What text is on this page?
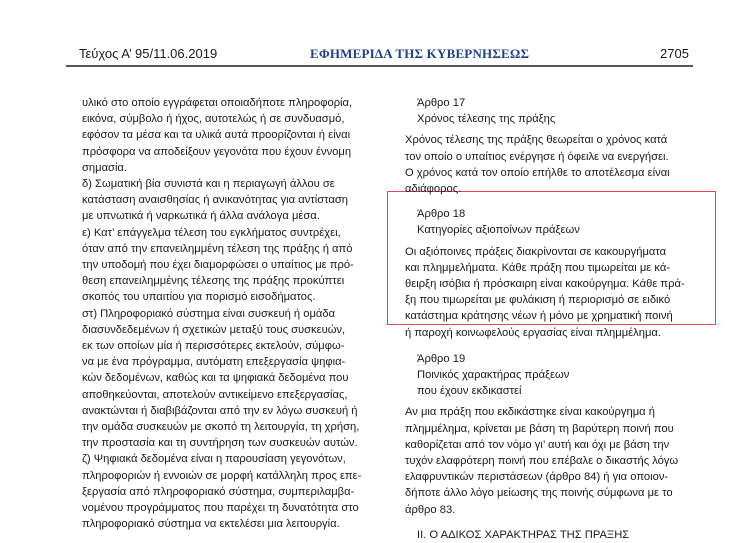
Τεύχος Α’ 95/11.06.2019	ΕΦΗΜΕΡΙΔΑ ΤΗΣ ΚΥΒΕΡΝΗΣΕΩΣ	2705

υλικό στο οποίο εγγράφεται οποιαδήποτε πληροφορία,
εικόνα, σύμβολο ή ήχος, αυτοτελώς ή σε συνδυασμό,
εφόσον τα μέσα και τα υλικά αυτά προορίζονται ή είναι
πρόσφορα να αποδείξουν γεγονότα που έχουν έννομη
σημασία.

δ) Σωματική βία συνιστά και η περιαγωγή άλλου σε
κατάσταση αναισθησίας ή ανικανότητας για αντίσταση
με υπνωτικά ή ναρκωτικά ή άλλα ανάλογα μέσα.

ε) Κατ’ επάγγελμα τέλεση του εγκλήματος συντρέχει,
όταν από την επανειλημμένη τέλεση της πράξης ή από
την υποδομή που έχει διαμορφώσει ο υπαίτιος με πρό-
θεση επανειλημμένης τέλεσης της πράξης προκύπτει
σκοπός του υπαιτίου για πορισμό εισοδήματος.

στ) Πληροφοριακό σύστημα είναι συσκευή ή ομάδα
διασυνδεδεμένων ή σχετικών μεταξύ τους συσκευών,
εκ των οποίων μία ή περισσότερες εκτελούν, σύμφω-
να με ένα πρόγραμμα, αυτόματη επεξεργασία ψηφια-
κών δεδομένων, καθώς και τα ψηφιακά δεδομένα που
αποθηκεύονται, αποτελούν αντικείμενο επεξεργασίας,
ανακτώνται ή διαβιβάζονται από την εν λόγω συσκευή ή
την ομάδα συσκευών με σκοπό τη λειτουργία, τη χρήση,
την προστασία και τη συντήρηση των συσκευών αυτών.

ζ) Ψηφιακά δεδομένα είναι η παρουσίαση γεγονότων,
πληροφοριών ή εννοιών σε μορφή κατάλληλη προς επε-
ξεργασία από πληροφοριακό σύστημα, συμπεριλαμβα-
νομένου προγράμματος που παρέχει τη δυνατότητα στο
πληροφοριακό σύστημα να εκτελέσει μια λειτουργία.

Άρθρο 17

Χρόνος τέλεσης της πράξης

Χρόνος τέλεσης της πράξης θεωρείται ο χρόνος κατά
τον οποίο ο υπαίτιος ενέργησε ή όφειλε να ενεργήσει.
Ο χρόνος κατά τον οποίο επήλθε το αποτέλεσμα είναι
αδιάφορος.

Άρθρο 18

Κατηγορίες αξιοποίνων πράξεων

Οι αξιόποινες πράξεις διακρίνονται σε κακουργήματα
και πλημμελήματα. Κάθε πράξη που τιμωρείται με κά-
θειρξη ισόβια ή πρόσκαιρη είναι κακούργημα. Κάθε πρά-
ξη που τιμωρείται με φυλάκιση ή περιορισμό σε ειδικό
κατάστημα κράτησης νέων ή μόνο με χρηματική ποινή
ή παροχή κοινωφελούς εργασίας είναι πλημμέλημα.

Άρθρο 19

Ποινικός χαρακτήρας πράξεων
που έχουν εκδικαστεί

Αν μια πράξη που εκδικάστηκε είναι κακούργημα ή
πλημμέλημα, κρίνεται με βάση τη βαρύτερη ποινή που
καθορίζεται από τον νόμο γι’ αυτή και όχι με βάση την
τυχόν ελαφρότερη ποινή που επέβαλε ο δικαστής λόγω
ελαφρυντικών περιστάσεων (άρθρο 84) ή για οποιον-
δήποτε άλλο λόγο μείωσης της ποινής σύμφωνα με το
άρθρο 83.

ΙΙ. Ο ΑΔΙΚΟΣ ΧΑΡΑΚΤΗΡΑΣ ΤΗΣ ΠΡΑΞΗΣ
